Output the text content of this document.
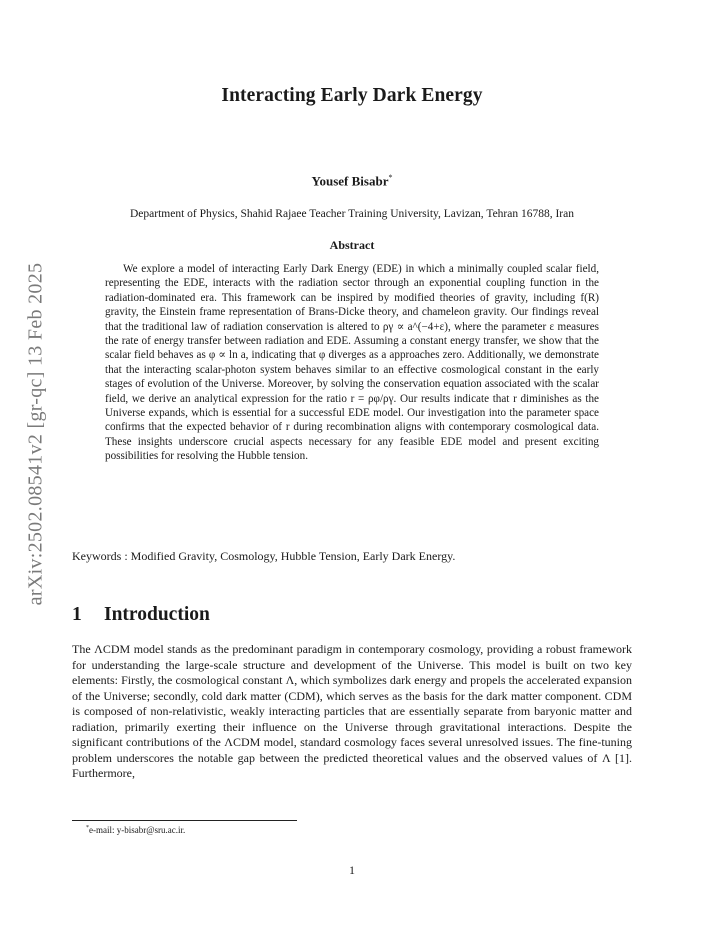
arXiv:2502.08541v2 [gr-qc] 13 Feb 2025
Interacting Early Dark Energy
Yousef Bisabr*
Department of Physics, Shahid Rajaee Teacher Training University, Lavizan, Tehran 16788, Iran
Abstract

We explore a model of interacting Early Dark Energy (EDE) in which a minimally coupled scalar field, representing the EDE, interacts with the radiation sector through an exponential coupling function in the radiation-dominated era. This framework can be inspired by modified theories of gravity, including f(R) gravity, the Einstein frame representation of Brans-Dicke theory, and chameleon gravity. Our findings reveal that the traditional law of radiation conservation is altered to ργ ∝ a^(−4+ε), where the parameter ε measures the rate of energy transfer between radiation and EDE. Assuming a constant energy transfer, we show that the scalar field behaves as φ ∝ ln a, indicating that φ diverges as a approaches zero. Additionally, we demonstrate that the interacting scalar-photon system behaves similar to an effective cosmological constant in the early stages of evolution of the Universe. Moreover, by solving the conservation equation associated with the scalar field, we derive an analytical expression for the ratio r = ρφ/ργ. Our results indicate that r diminishes as the Universe expands, which is essential for a successful EDE model. Our investigation into the parameter space confirms that the expected behavior of r during recombination aligns with contemporary cosmological data. These insights underscore crucial aspects necessary for any feasible EDE model and present exciting possibilities for resolving the Hubble tension.

Keywords : Modified Gravity, Cosmology, Hubble Tension, Early Dark Energy.
1 Introduction

The ΛCDM model stands as the predominant paradigm in contemporary cosmology, providing a robust framework for understanding the large-scale structure and development of the Universe. This model is built on two key elements: Firstly, the cosmological constant Λ, which symbolizes dark energy and propels the accelerated expansion of the Universe; secondly, cold dark matter (CDM), which serves as the basis for the dark matter component. CDM is composed of non-relativistic, weakly interacting particles that are essentially separate from baryonic matter and radiation, primarily exerting their influence on the Universe through gravitational interactions. Despite the significant contributions of the ΛCDM model, standard cosmology faces several unresolved issues. The fine-tuning problem underscores the notable gap between the predicted theoretical values and the observed values of Λ [1]. Furthermore,

*e-mail: y-bisabr@sru.ac.ir.
1
